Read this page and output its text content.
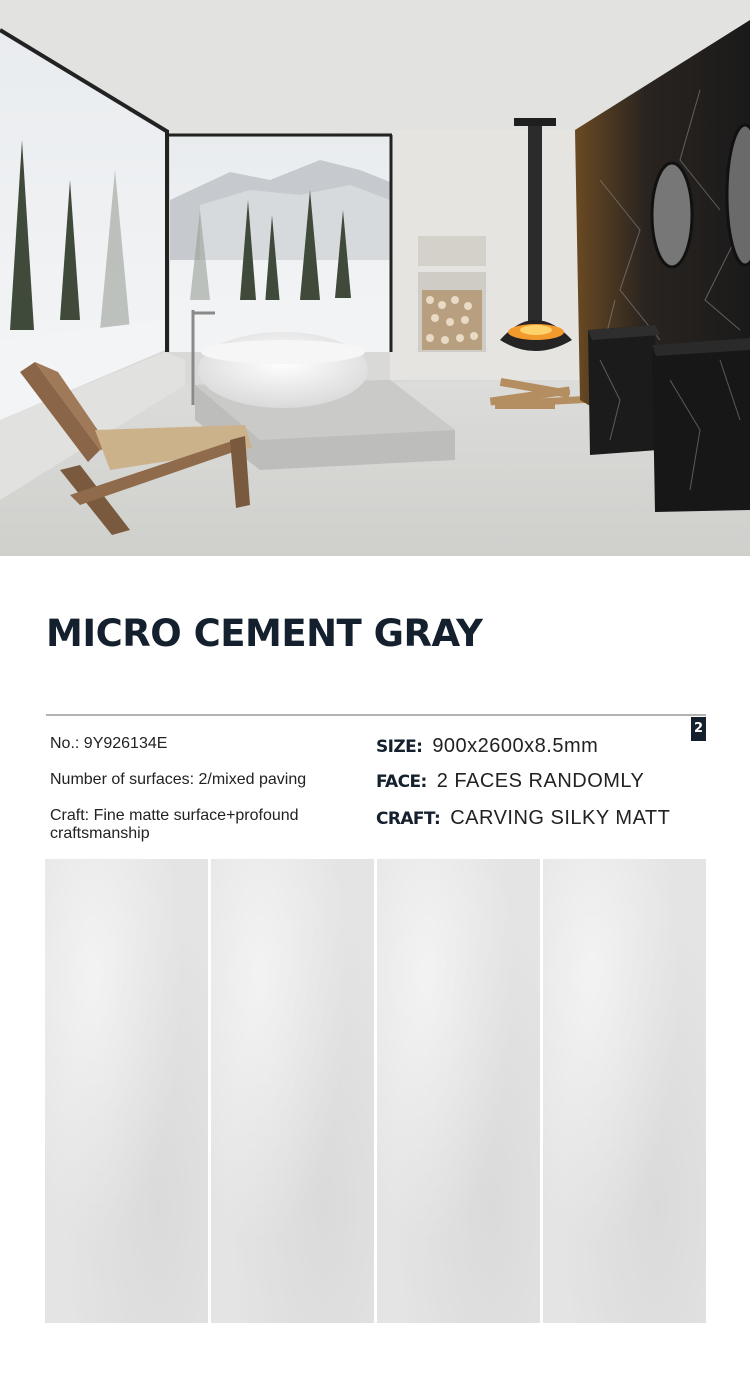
MICRO CEMENT GRAY
2
No.: 9Y926134E
Number of surfaces: 2/mixed paving
Craft: Fine matte surface+profound craftsmanship
SIZE: 900x2600x8.5mm
FACE: 2 FACES RANDOMLY
CRAFT: CARVING SILKY MATT
